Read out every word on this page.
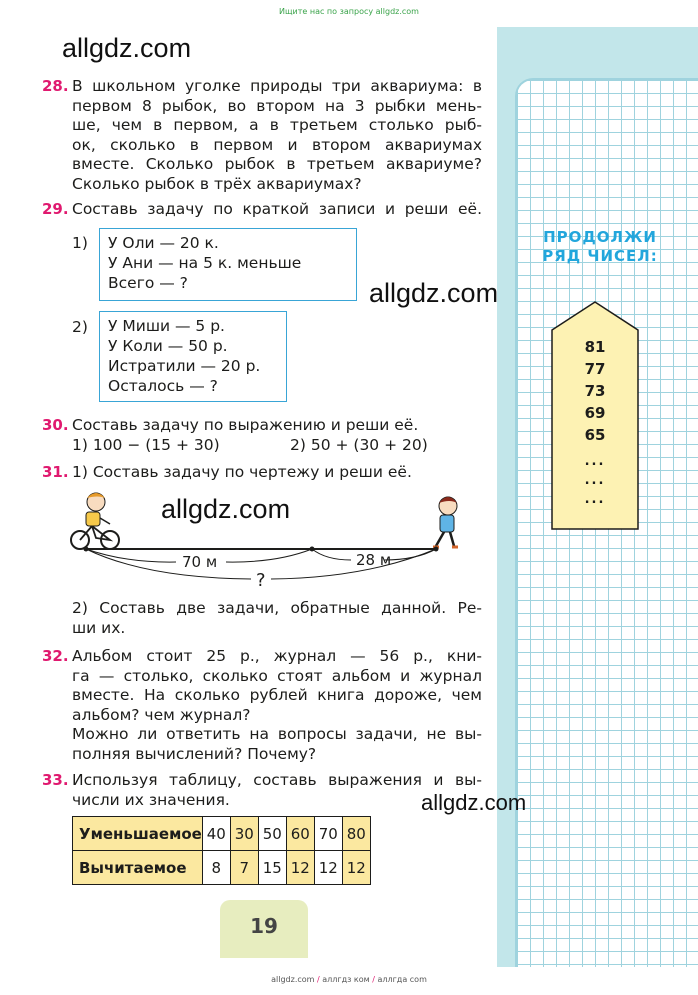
Ищите нас по запросу allgdz.com
ПРОДОЛЖИ
РЯД ЧИСЕЛ:
81
77
73
69
65
...
...
...
28. В школьном уголке природы три аквариума: в
первом 8 рыбок, во втором на 3 рыбки мень-
ше, чем в первом, а в третьем столько рыб-
ок, сколько в первом и втором аквариумах
вместе. Сколько рыбок в третьем аквариуме?
Сколько рыбок в трёх аквариумах?
29. Составь задачу по краткой записи и реши её.
1) У Оли — 20 к.
У Ани — на 5 к. меньше
Всего — ?
2) У Миши — 5 р.
У Коли — 50 р.
Истратили — 20 р.
Осталось — ?
30. Составь задачу по выражению и реши её.
1) 100 − (15 + 30)	2) 50 + (30 + 20)
31. 1) Составь задачу по чертежу и реши её.
70 м	28 м
?
2) Составь две задачи, обратные данной. Ре-
ши их.
32. Альбом стоит 25 р., журнал — 56 р., кни-
га — столько, сколько стоят альбом и журнал
вместе. На сколько рублей книга дороже, чем
альбом? чем журнал?
Можно ли ответить на вопросы задачи, не вы-
полняя вычислений? Почему?
33. Используя таблицу, составь выражения и вы-
числи их значения.
Уменьшаемое	40	30	50	60	70	80
Вычитаемое	8	7	15	12	12	12
allgdz.com
allgdz.com
allgdz.com
allgdz.com
19
allgdz.com / аллгдз ком / аллгда com
